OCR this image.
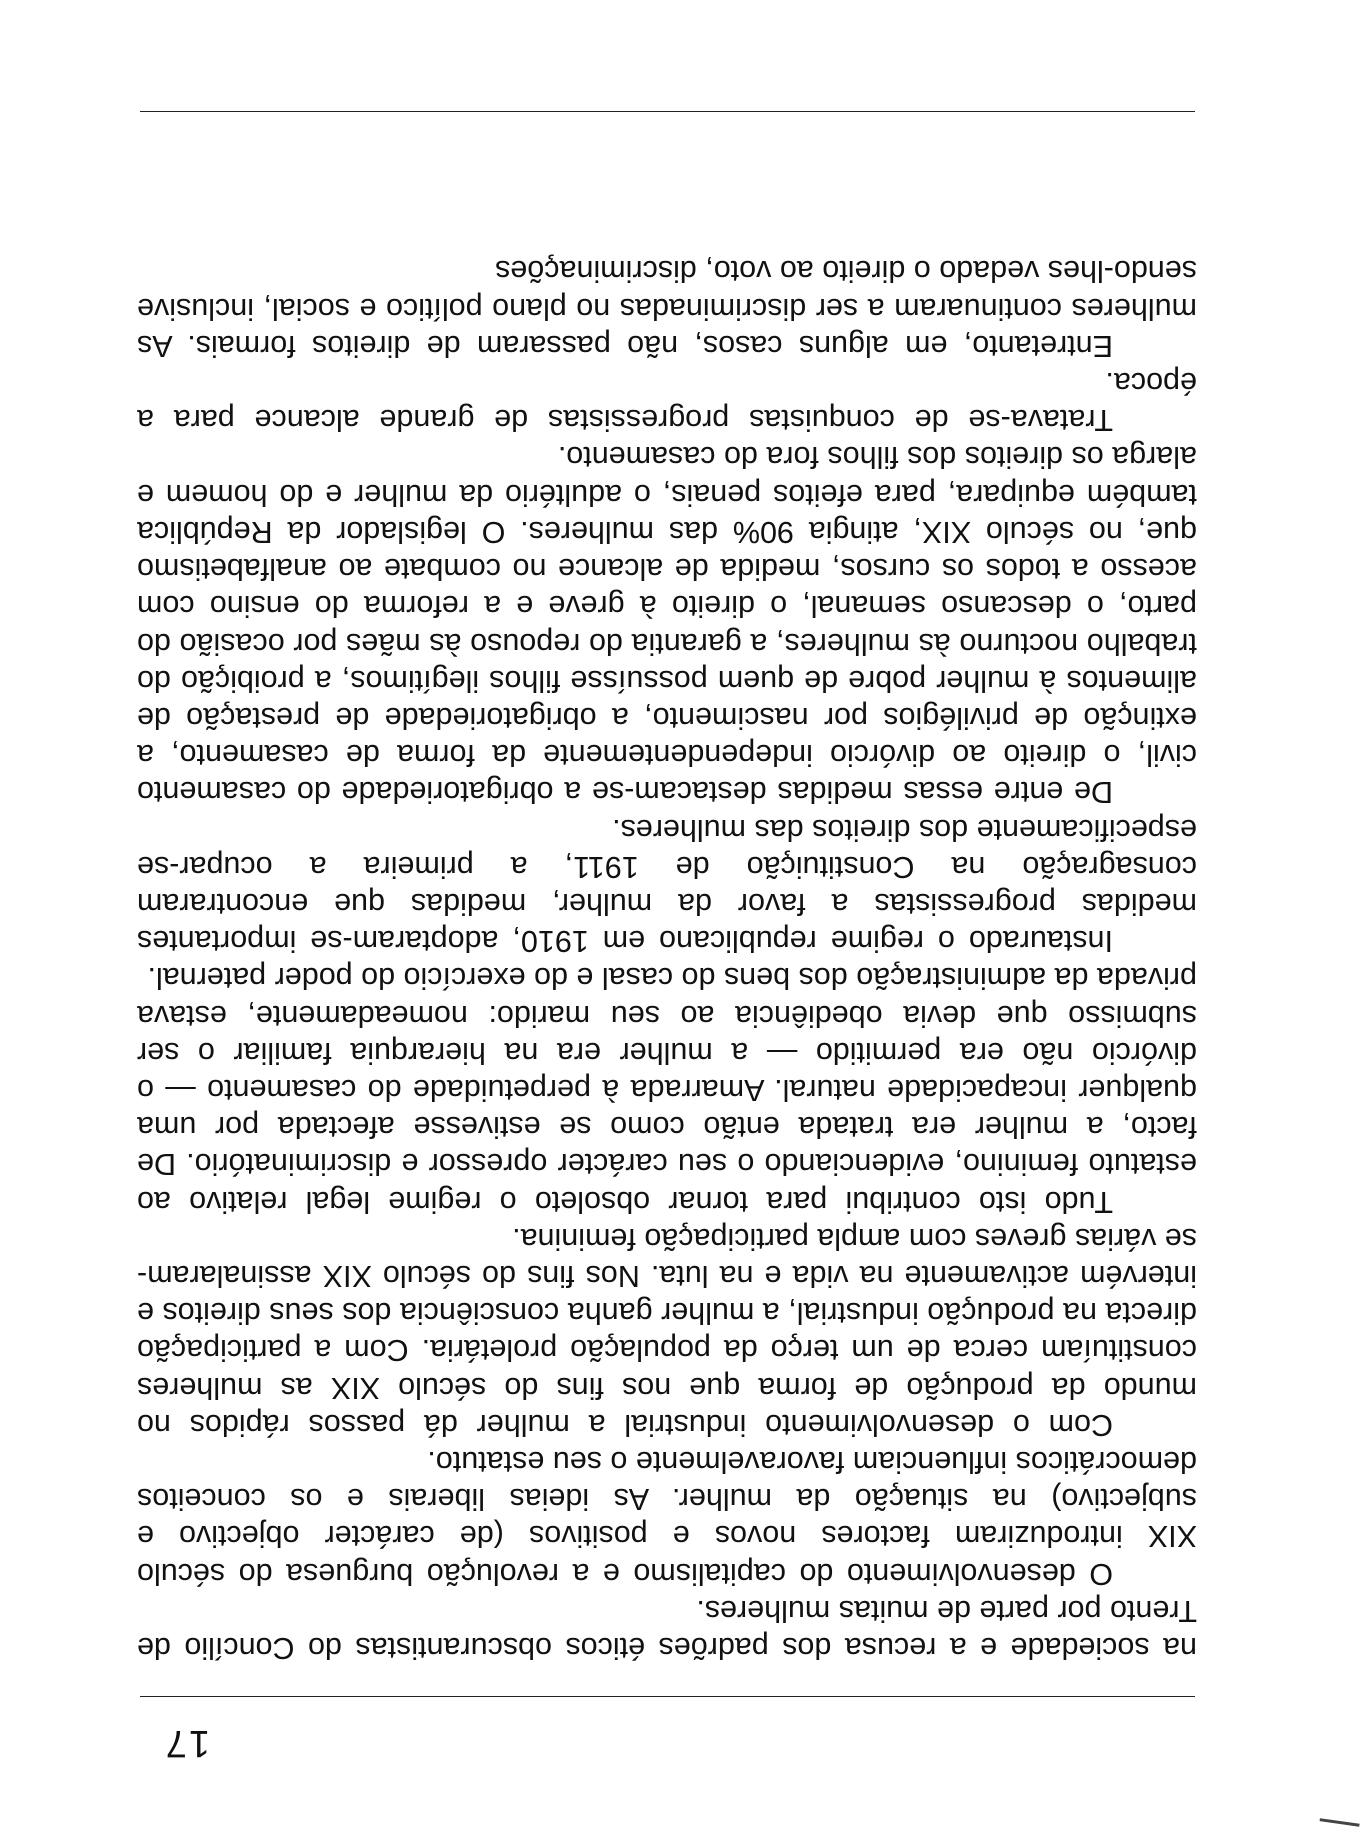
17

na sociedade e a recusa dos padrões éticos obscurantistas do Concílio de Trento por parte de muitas mulheres.

O desenvolvimento do capitalismo e a revolução burguesa do século XIX introduziram factores novos e positivos (de carácter objectivo e subjectivo) na situação da mulher. As ideias liberais e os conceitos democráticos influenciam favoravelmente o seu estatuto.

Com o desenvolvimento industrial a mulher dá passos rápidos no mundo da produção de forma que nos fins do século XIX as mulheres constituíam cerca de um terço da população proletária. Com a participação directa na produção industrial, a mulher ganha consciência dos seus direitos e intervém activamente na vida e na luta. Nos fins do século XIX assinalaram-se várias greves com ampla participação feminina.

Tudo isto contribui para tornar obsoleto o regime legal relativo ao estatuto feminino, evidenciando o seu carácter opressor e discriminatório. De facto, a mulher era tratada então como se estivesse afectada por uma qualquer incapacidade natural. Amarrada à perpetuidade do casamento — o divórcio não era permitido — a mulher era na hierarquia familiar o ser submisso que devia obediência ao seu marido: nomeadamente, estava privada da administração dos bens do casal e do exercício do poder paternal.

Instaurado o regime republicano em 1910, adoptaram-se importantes medidas progressistas a favor da mulher, medidas que encontraram consagração na Constituição de 1911, a primeira a ocupar-se especificamente dos direitos das mulheres.

De entre essas medidas destacam-se a obrigatoriedade do casamento civil, o direito ao divórcio independentemente da forma de casamento, a extinção de privilégios por nascimento, a obrigatoriedade de prestação de alimentos à mulher pobre de quem possuísse filhos ilegítimos, a proibição do trabalho nocturno às mulheres, a garantia do repouso às mães por ocasião do parto, o descanso semanal, o direito à greve e a reforma do ensino com acesso a todos os cursos, medida de alcance no combate ao analfabetismo que, no século XIX, atingia 90% das mulheres. O legislador da República também equipara, para efeitos penais, o adultério da mulher e do homem e alarga os direitos dos filhos fora do casamento.

Tratava-se de conquistas progressistas de grande alcance para a época.

Entretanto, em alguns casos, não passaram de direitos formais. As mulheres continuaram a ser discriminadas no plano político e social, inclusive sendo-lhes vedado o direito ao voto, discriminações
